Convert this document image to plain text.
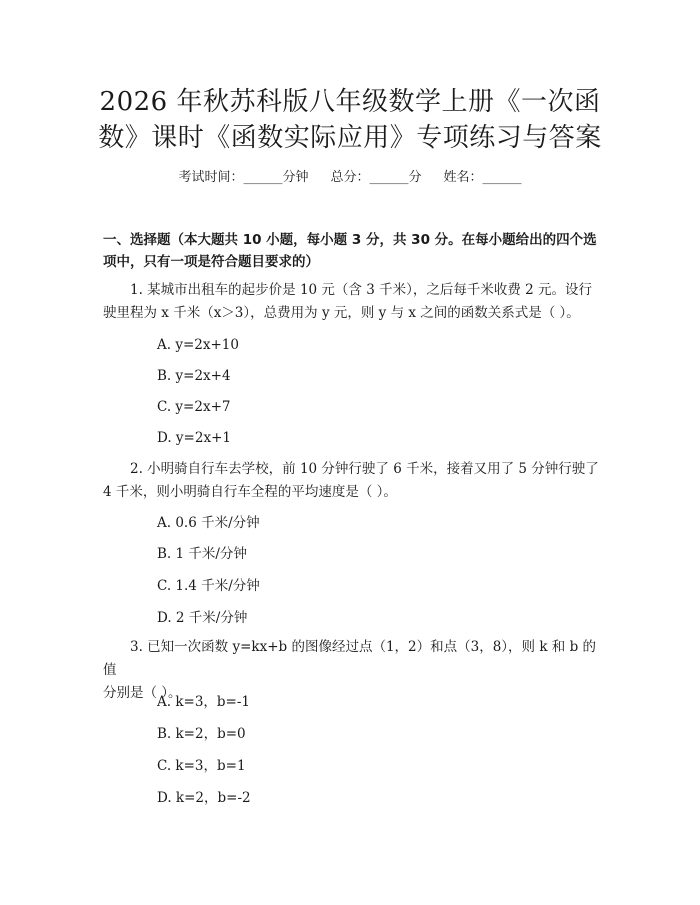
2026 年秋苏科版八年级数学上册《一次函
数》课时《函数实际应用》专项练习与答案
考试时间：______分钟 总分：______分 姓名：______
一、选择题（本大题共 10 小题，每小题 3 分，共 30 分。在每小题给出的四个选
项中，只有一项是符合题目要求的）
1. 某城市出租车的起步价是 10 元（含 3 千米），之后每千米收费 2 元。设行
驶里程为 x 千米（x＞3），总费用为 y 元，则 y 与 x 之间的函数关系式是（ ）。
A. y=2x+10
B. y=2x+4
C. y=2x+7
D. y=2x+1
2. 小明骑自行车去学校，前 10 分钟行驶了 6 千米，接着又用了 5 分钟行驶了
4 千米，则小明骑自行车全程的平均速度是（ ）。
A. 0.6 千米/分钟
B. 1 千米/分钟
C. 1.4 千米/分钟
D. 2 千米/分钟
3. 已知一次函数 y=kx+b 的图像经过点（1，2）和点（3，8），则 k 和 b 的值
分别是（ ）。
A. k=3，b=-1
B. k=2，b=0
C. k=3，b=1
D. k=2，b=-2
